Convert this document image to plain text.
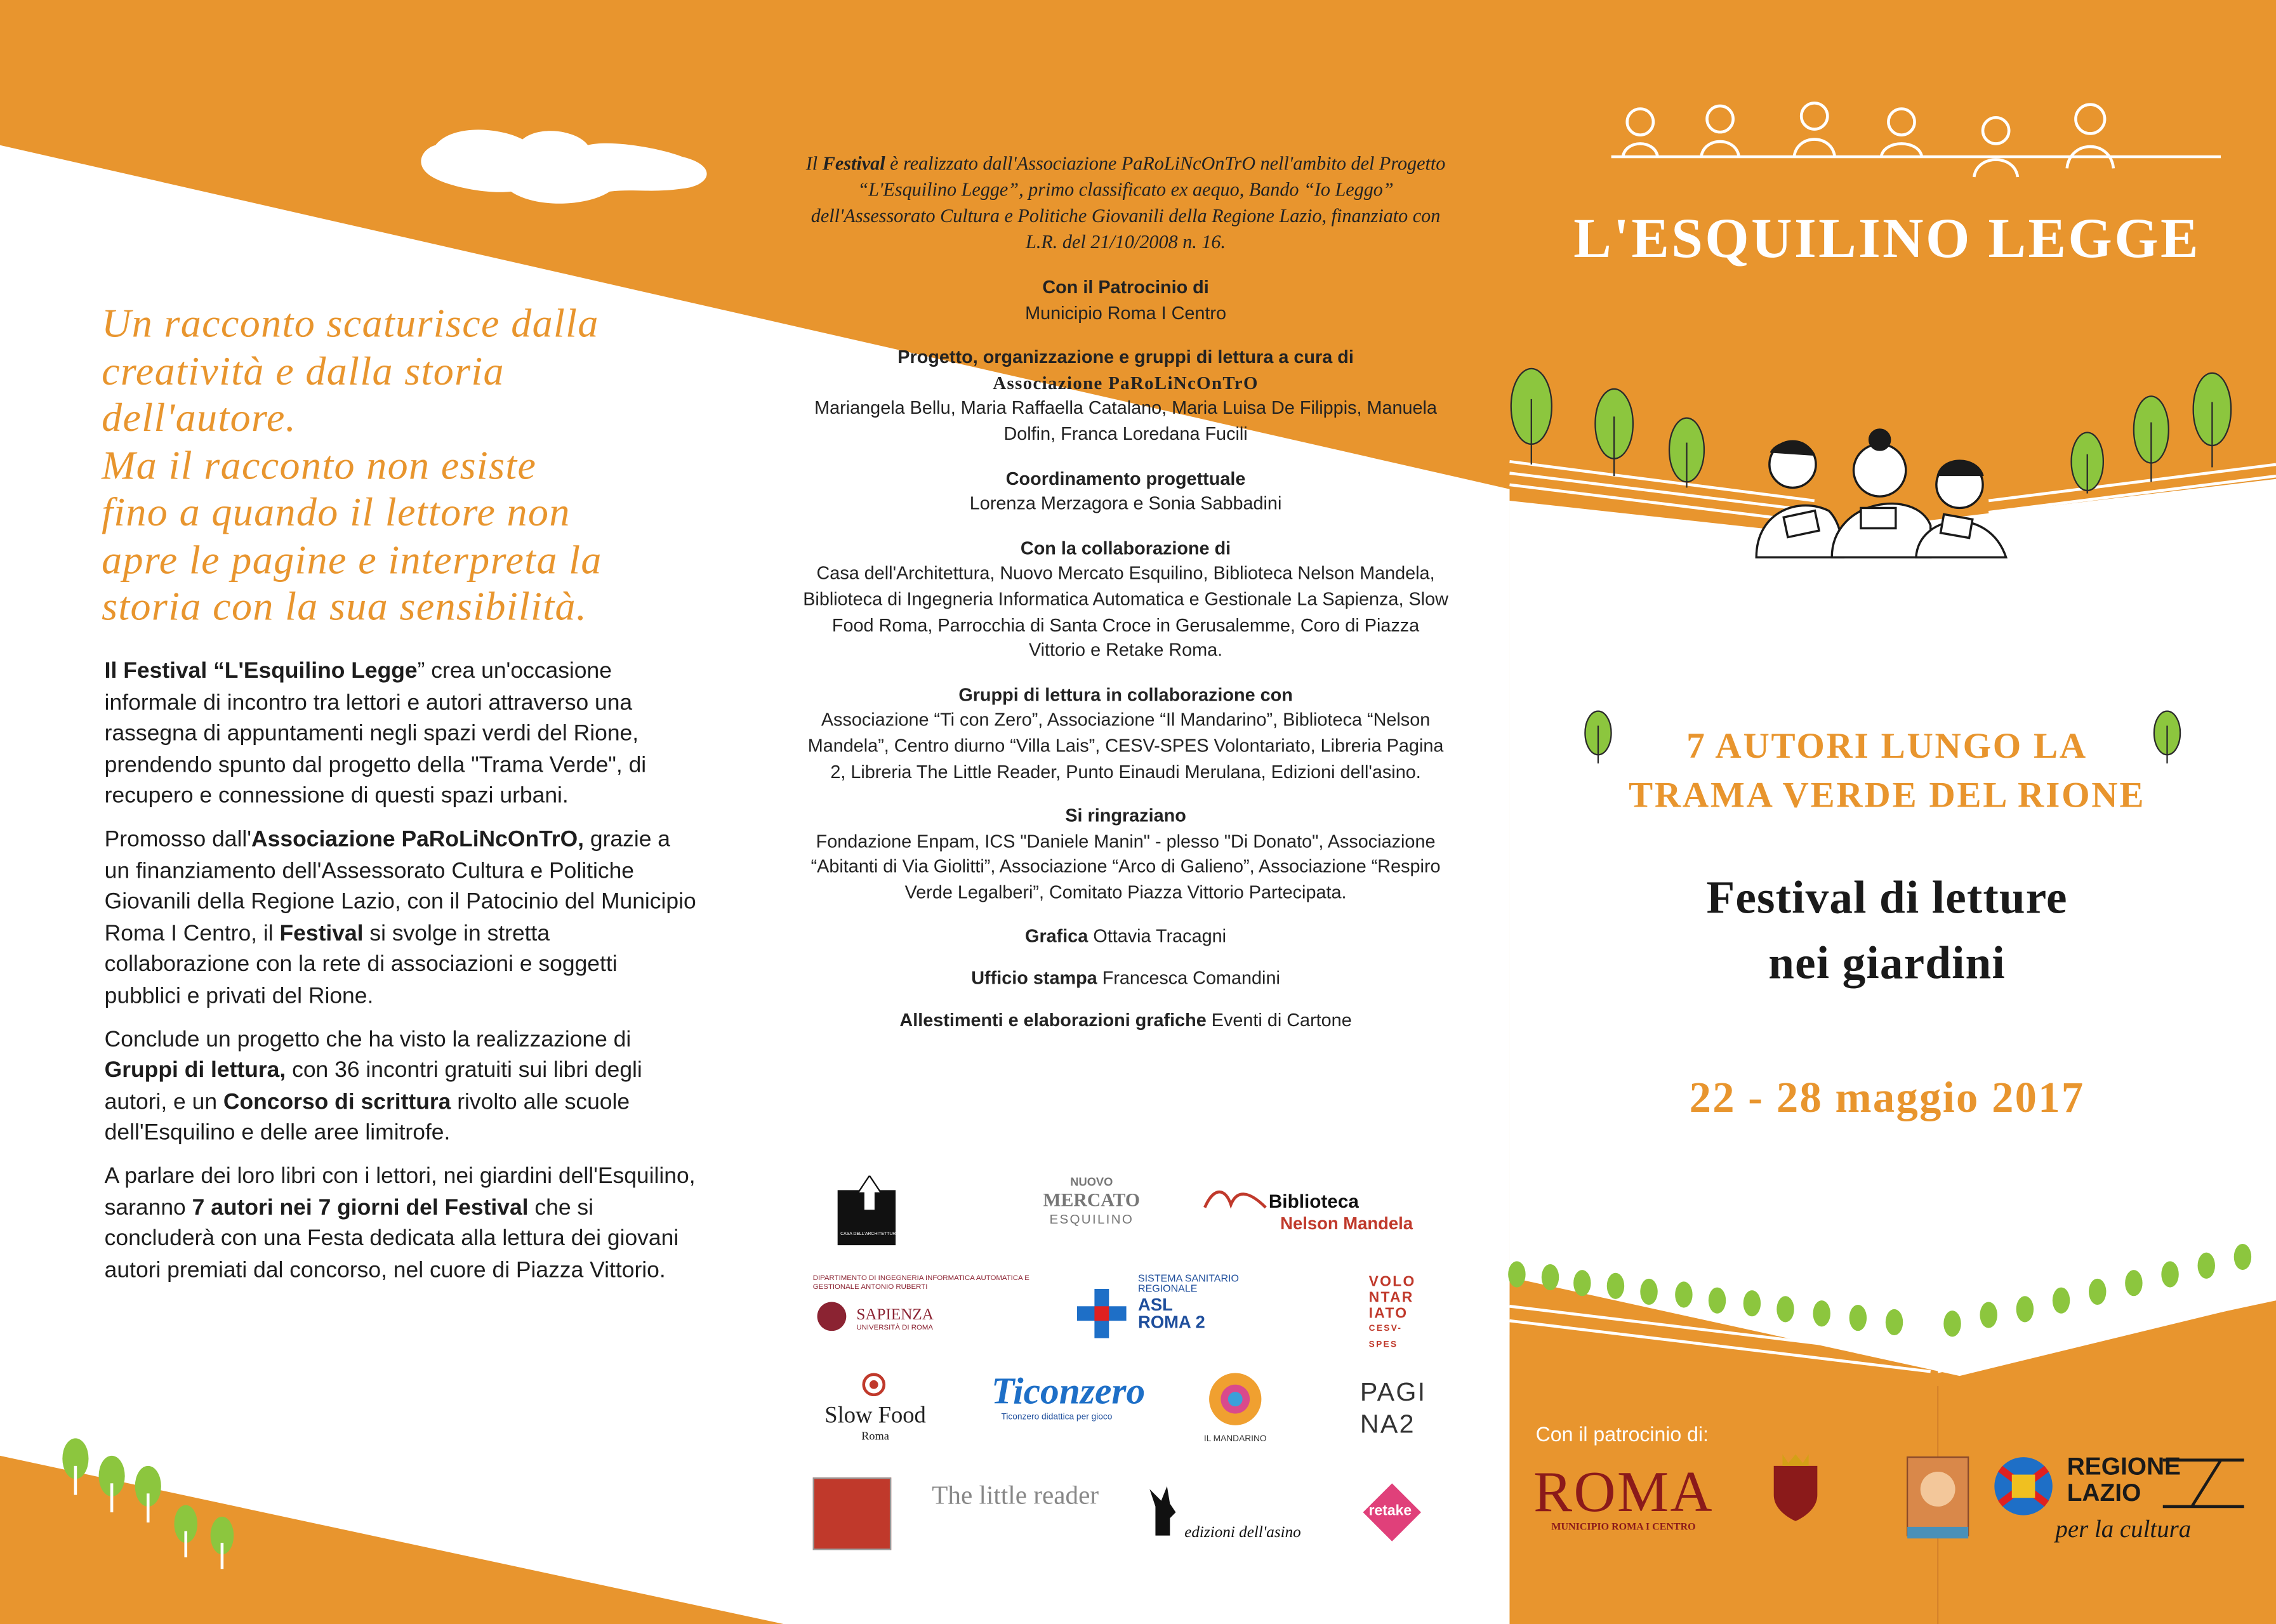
Un racconto scaturisce dalla
creatività e dalla storia
dell'autore.
Ma il racconto non esiste
fino a quando il lettore non
apre le pagine e interpreta la
storia con la sua sensibilità.

Il Festival “L'Esquilino Legge” crea un'occasione informale di incontro tra lettori e autori attraverso una rassegna di appuntamenti negli spazi verdi del Rione, prendendo spunto dal progetto della "Trama Verde", di recupero e connessione di questi spazi urbani.

Promosso dall'Associazione PaRoLiNcOnTrO, grazie a un finanziamento dell'Assessorato Cultura e Politiche Giovanili della Regione Lazio, con il Patocinio del Municipio Roma I Centro, il Festival si svolge in stretta collaborazione con la rete di associazioni e soggetti pubblici e privati del Rione.

Conclude un progetto che ha visto la realizzazione di Gruppi di lettura, con 36 incontri gratuiti sui libri degli autori, e un Concorso di scrittura rivolto alle scuole dell'Esquilino e delle aree limitrofe.

A parlare dei loro libri con i lettori, nei giardini dell'Esquilino, saranno 7 autori nei 7 giorni del Festival che si concluderà con una Festa dedicata alla lettura dei giovani autori premiati dal concorso, nel cuore di Piazza Vittorio.

Il Festival è realizzato dall'Associazione PaRoLiNcOnTrO nell'ambito del Progetto “L'Esquilino Legge”, primo classificato ex aequo, Bando “Io Leggo” dell'Assessorato Cultura e Politiche Giovanili della Regione Lazio, finanziato con L.R. del 21/10/2008 n. 16.
Con il Patrocinio di
Municipio Roma I Centro
Progetto, organizzazione e gruppi di lettura a cura di
Associazione PaRoLiNcOnTrO
Mariangela Bellu, Maria Raffaella Catalano, Maria Luisa De Filippis, Manuela Dolfin, Franca Loredana Fucili
Coordinamento progettuale
Lorenza Merzagora e Sonia Sabbadini
Con la collaborazione di
Casa dell'Architettura, Nuovo Mercato Esquilino, Biblioteca Nelson Mandela, Biblioteca di Ingegneria Informatica Automatica e Gestionale La Sapienza, Slow Food Roma, Parrocchia di Santa Croce in Gerusalemme, Coro di Piazza Vittorio e Retake Roma.
Gruppi di lettura in collaborazione con
Associazione “Ti con Zero”, Associazione “Il Mandarino”, Biblioteca “Nelson Mandela”, Centro diurno “Villa Lais”, CESV-SPES Volontariato, Libreria Pagina 2, Libreria The Little Reader, Punto Einaudi Merulana, Edizioni dell'asino.
Si ringraziano
Fondazione Enpam, ICS "Daniele Manin" - plesso "Di Donato", Associazione “Abitanti di Via Giolitti”, Associazione “Arco di Galieno”, Associazione “Respiro Verde Legalberi”, Comitato Piazza Vittorio Partecipata.
Grafica Ottavia Tracagni
Ufficio stampa Francesca Comandini
Allestimenti e elaborazioni grafiche Eventi di Cartone
CASA DELL'ARCHITETTURA
NUOVO
MERCATO
ESQUILINO
Biblioteca
Nelson Mandela
DIPARTIMENTO DI INGEGNERIA INFORMATICA AUTOMATICA E GESTIONALE ANTONIO RUBERTI
SAPIENZA
UNIVERSITÀ DI ROMA
SISTEMA SANITARIO REGIONALE
ASL
ROMA 2
VOLO NTAR IATO
CESV-SPES
Slow Food
Roma
Ticonzero
Ticonzero didattica per gioco
IL MANDARINO
PAGI
NA2
The little reader
edizioni dell'asino
retake
L'ESQUILINO LEGGE
7 AUTORI LUNGO LA
TRAMA VERDE DEL RIONE
Festival di letture
nei giardini
22 - 28 maggio 2017
Con il patrocinio di:
ROMA
MUNICIPIO ROMA I CENTRO
REGIONE
LAZIO
per la cultura
